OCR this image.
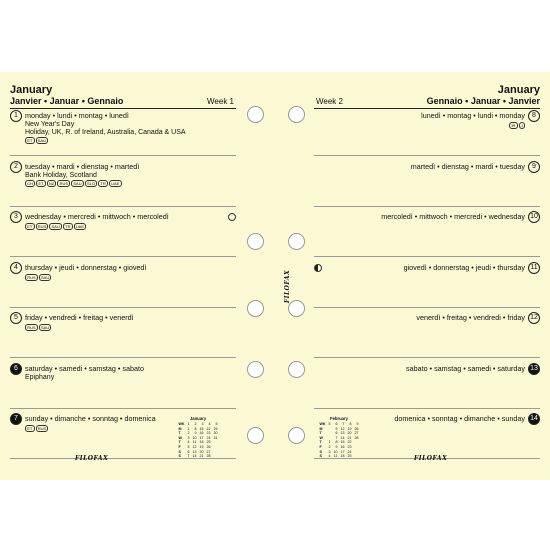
January
Janvier • Januar • Gennaio	Week 1
1 monday • lundi • montag • lunedì
New Year's Day
Holiday, UK, R. of Ireland, Australia, Canada & USA
ET	SAU
2 tuesday • mardi • dienstag • martedì
Bank Holiday, Scotland
CH	ET	NZ	RUS	SAU	SLO	TR	UAE
3 wednesday • mercredi • mittwoch • mercoledì
ET	RUS	SAU	TR	UAE
4 thursday • jeudi • donnerstag • giovedì
RUS	SAU
5 friday • vendredi • freitag • venerdì
RUS	SAU
6 saturday • samedi • samstag • sabato
Epiphany
7 sunday • dimanche • sonntag • domenica
ET	RUS
January
WK	1	2	3	4	5
M	1	8	15	22	29
T	2	9	16	23	30
W	3	10	17	24	31
T	4	11	18	25	
F	5	12	19	26	
S	6	13	20	27	
S	7	14	21	28	
FILOFAX
January
Gennaio • Januar • Janvier
Week 2
8
lunedì • montag • lundi • monday
IR	J
9
martedì • dienstag • mardi • tuesday
10
mercoledì • mittwoch • mercredi • wednesday
11
giovedì • donnerstag • jeudi • thursday
12
venerdì • freitag • vendredi • friday
13
sabato • samstag • samedi • saturday
14
domenica • sonntag • dimanche • sunday
February
WK	5	6	7	8	9
M		5	12	19	26
T		6	13	20	27
W		7	14	21	28
T	1	8	15	22	
F	2	9	16	23	
S	3	10	17	24	
S	4	11	18	25		FILOFAX
FILOFAX
